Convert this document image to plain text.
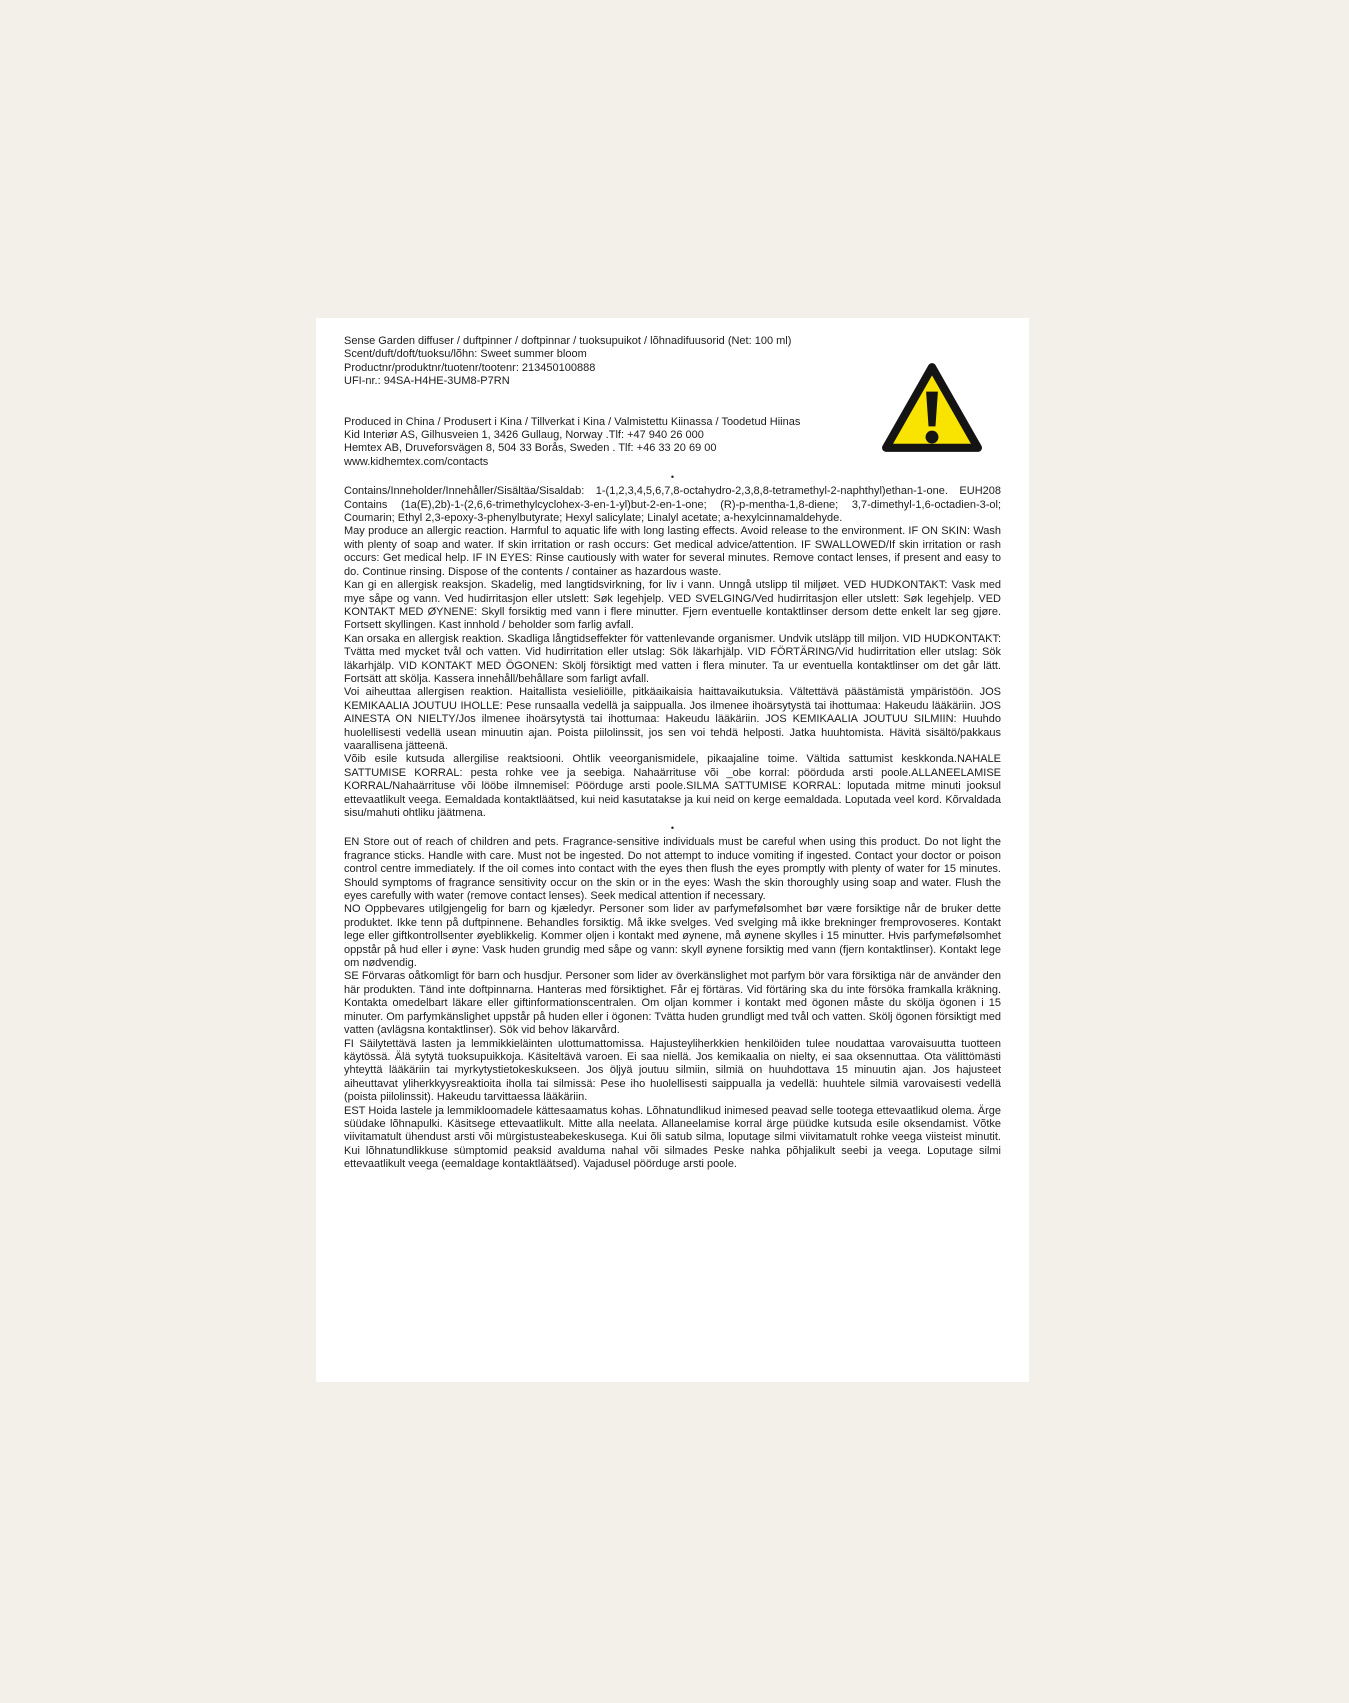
Sense Garden diffuser / duftpinner / doftpinnar / tuoksupuikot / lõhnadifuusorid (Net: 100 ml)

Scent/duft/doft/tuoksu/lõhn: Sweet summer bloom

Productnr/produktnr/tuotenr/tootenr: 213450100888

UFI-nr.: 94SA-H4HE-3UM8-P7RN

Produced in China / Produsert i Kina / Tillverkat i Kina / Valmistettu Kiinassa / Toodetud Hiinas

Kid Interiør AS, Gilhusveien 1, 3426 Gullaug, Norway .Tlf: +47 940 26 000

Hemtex AB, Druveforsvägen 8, 504 33 Borås, Sweden . Tlf: +46 33 20 69 00

www.kidhemtex.com/contacts

•

Contains/Inneholder/Innehåller/Sisältäa/Sisaldab: 1-(1,2,3,4,5,6,7,8-octahydro-2,3,8,8-tetramethyl-2-naphthyl)ethan-1-one. EUH208 Contains (1a(E),2b)-1-(2,6,6-trimethylcyclohex-3-en-1-yl)but-2-en-1-one; (R)-p-mentha-1,8-diene; 3,7-dimethyl-1,6-octadien-3-ol; Coumarin; Ethyl 2,3-epoxy-3-phenylbutyrate; Hexyl salicylate; Linalyl acetate; a-hexylcinnamaldehyde.

May produce an allergic reaction. Harmful to aquatic life with long lasting effects. Avoid release to the environment. IF ON SKIN: Wash with plenty of soap and water. If skin irritation or rash occurs: Get medical advice/attention. IF SWALLOWED/If skin irritation or rash occurs: Get medical help. IF IN EYES: Rinse cautiously with water for several minutes. Remove contact lenses, if present and easy to do. Continue rinsing. Dispose of the contents / container as hazardous waste.

Kan gi en allergisk reaksjon. Skadelig, med langtidsvirkning, for liv i vann. Unngå utslipp til miljøet. VED HUDKONTAKT: Vask med mye såpe og vann. Ved hudirritasjon eller utslett: Søk legehjelp. VED SVELGING/Ved hudirritasjon eller utslett: Søk legehjelp. VED KONTAKT MED ØYNENE: Skyll forsiktig med vann i flere minutter. Fjern eventuelle kontaktlinser dersom dette enkelt lar seg gjøre. Fortsett skyllingen. Kast innhold / beholder som farlig avfall.

Kan orsaka en allergisk reaktion. Skadliga långtidseffekter för vattenlevande organismer. Undvik utsläpp till miljon. VID HUDKONTAKT: Tvätta med mycket tvål och vatten. Vid hudirritation eller utslag: Sök läkarhjälp. VID FÖRTÄRING/Vid hudirritation eller utslag: Sök läkarhjälp. VID KONTAKT MED ÖGONEN: Skölj försiktigt med vatten i flera minuter. Ta ur eventuella kontaktlinser om det går lätt. Fortsätt att skölja. Kassera innehåll/behållare som farligt avfall.

Voi aiheuttaa allergisen reaktion. Haitallista vesieliöille, pitkäaikaisia haittavaikutuksia. Vältettävä päästämistä ympäristöön. JOS KEMIKAALIA JOUTUU IHOLLE: Pese runsaalla vedellä ja saippualla. Jos ilmenee ihoärsytystä tai ihottumaa: Hakeudu lääkäriin. JOS AINESTA ON NIELTY/Jos ilmenee ihoärsytystä tai ihottumaa: Hakeudu lääkäriin. JOS KEMIKAALIA JOUTUU SILMIIN: Huuhdo huolellisesti vedellä usean minuutin ajan. Poista piilolinssit, jos sen voi tehdä helposti. Jatka huuhtomista. Hävitä sisältö/pakkaus vaarallisena jätteenä.

Võib esile kutsuda allergilise reaktsiooni. Ohtlik veeorganismidele, pikaajaline toime. Vältida sattumist keskkonda.NAHALE SATTUMISE KORRAL: pesta rohke vee ja seebiga. Nahaärrituse või _obe korral: pöörduda arsti poole.ALLANEELAMISE KORRAL/Nahaärrituse või lööbe ilmnemisel: Pöörduge arsti poole.SILMA SATTUMISE KORRAL: loputada mitme minuti jooksul ettevaatlikult veega. Eemaldada kontaktläätsed, kui neid kasutatakse ja kui neid on kerge eemaldada. Loputada veel kord. Kõrvaldada sisu/mahuti ohtliku jäätmena.

•

EN Store out of reach of children and pets. Fragrance-sensitive individuals must be careful when using this product. Do not light the fragrance sticks. Handle with care. Must not be ingested. Do not attempt to induce vomiting if ingested. Contact your doctor or poison control centre immediately. If the oil comes into contact with the eyes then flush the eyes promptly with plenty of water for 15 minutes. Should symptoms of fragrance sensitivity occur on the skin or in the eyes: Wash the skin thoroughly using soap and water. Flush the eyes carefully with water (remove contact lenses). Seek medical attention if necessary.

NO Oppbevares utilgjengelig for barn og kjæledyr. Personer som lider av parfymefølsomhet bør være forsiktige når de bruker dette produktet. Ikke tenn på duftpinnene. Behandles forsiktig. Må ikke svelges. Ved svelging må ikke brekninger fremprovoseres. Kontakt lege eller giftkontrollsenter øyeblikkelig. Kommer oljen i kontakt med øynene, må øynene skylles i 15 minutter. Hvis parfymefølsomhet oppstår på hud eller i øyne: Vask huden grundig med såpe og vann: skyll øynene forsiktig med vann (fjern kontaktlinser). Kontakt lege om nødvendig.

SE Förvaras oåtkomligt för barn och husdjur. Personer som lider av överkänslighet mot parfym bör vara försiktiga när de använder den här produkten. Tänd inte doftpinnarna. Hanteras med försiktighet. Får ej förtäras. Vid förtäring ska du inte försöka framkalla kräkning. Kontakta omedelbart läkare eller giftinformationscentralen. Om oljan kommer i kontakt med ögonen måste du skölja ögonen i 15 minuter. Om parfymkänslighet uppstår på huden eller i ögonen: Tvätta huden grundligt med tvål och vatten. Skölj ögonen försiktigt med vatten (avlägsna kontaktlinser). Sök vid behov läkarvård.

FI Säilytettävä lasten ja lemmikkieläinten ulottumattomissa. Hajusteyliherkkien henkilöiden tulee noudattaa varovaisuutta tuotteen käytössä. Älä sytytä tuoksupuikkoja. Käsiteltävä varoen. Ei saa niellä. Jos kemikaalia on nielty, ei saa oksennuttaa. Ota välittömästi yhteyttä lääkäriin tai myrkytystietokeskukseen. Jos öljyä joutuu silmiin, silmiä on huuhdottava 15 minuutin ajan. Jos hajusteet aiheuttavat yliherkkyysreaktioita iholla tai silmissä: Pese iho huolellisesti saippualla ja vedellä: huuhtele silmiä varovaisesti vedellä (poista piilolinssit). Hakeudu tarvittaessa lääkäriin.

EST Hoida lastele ja lemmikloomadele kättesaamatus kohas. Lõhnatundlikud inimesed peavad selle tootega ettevaatlikud olema. Ärge süüdake lõhnapulki. Käsitsege ettevaatlikult. Mitte alla neelata. Allaneelamise korral ärge püüdke kutsuda esile oksendamist. Võtke viivitamatult ühendust arsti või mürgistusteabekeskusega. Kui õli satub silma, loputage silmi viivitamatult rohke veega viisteist minutit. Kui lõhnatundlikkuse sümptomid peaksid avalduma nahal või silmades Peske nahka põhjalikult seebi ja veega. Loputage silmi ettevaatlikult veega (eemaldage kontaktläätsed). Vajadusel pöörduge arsti poole.
